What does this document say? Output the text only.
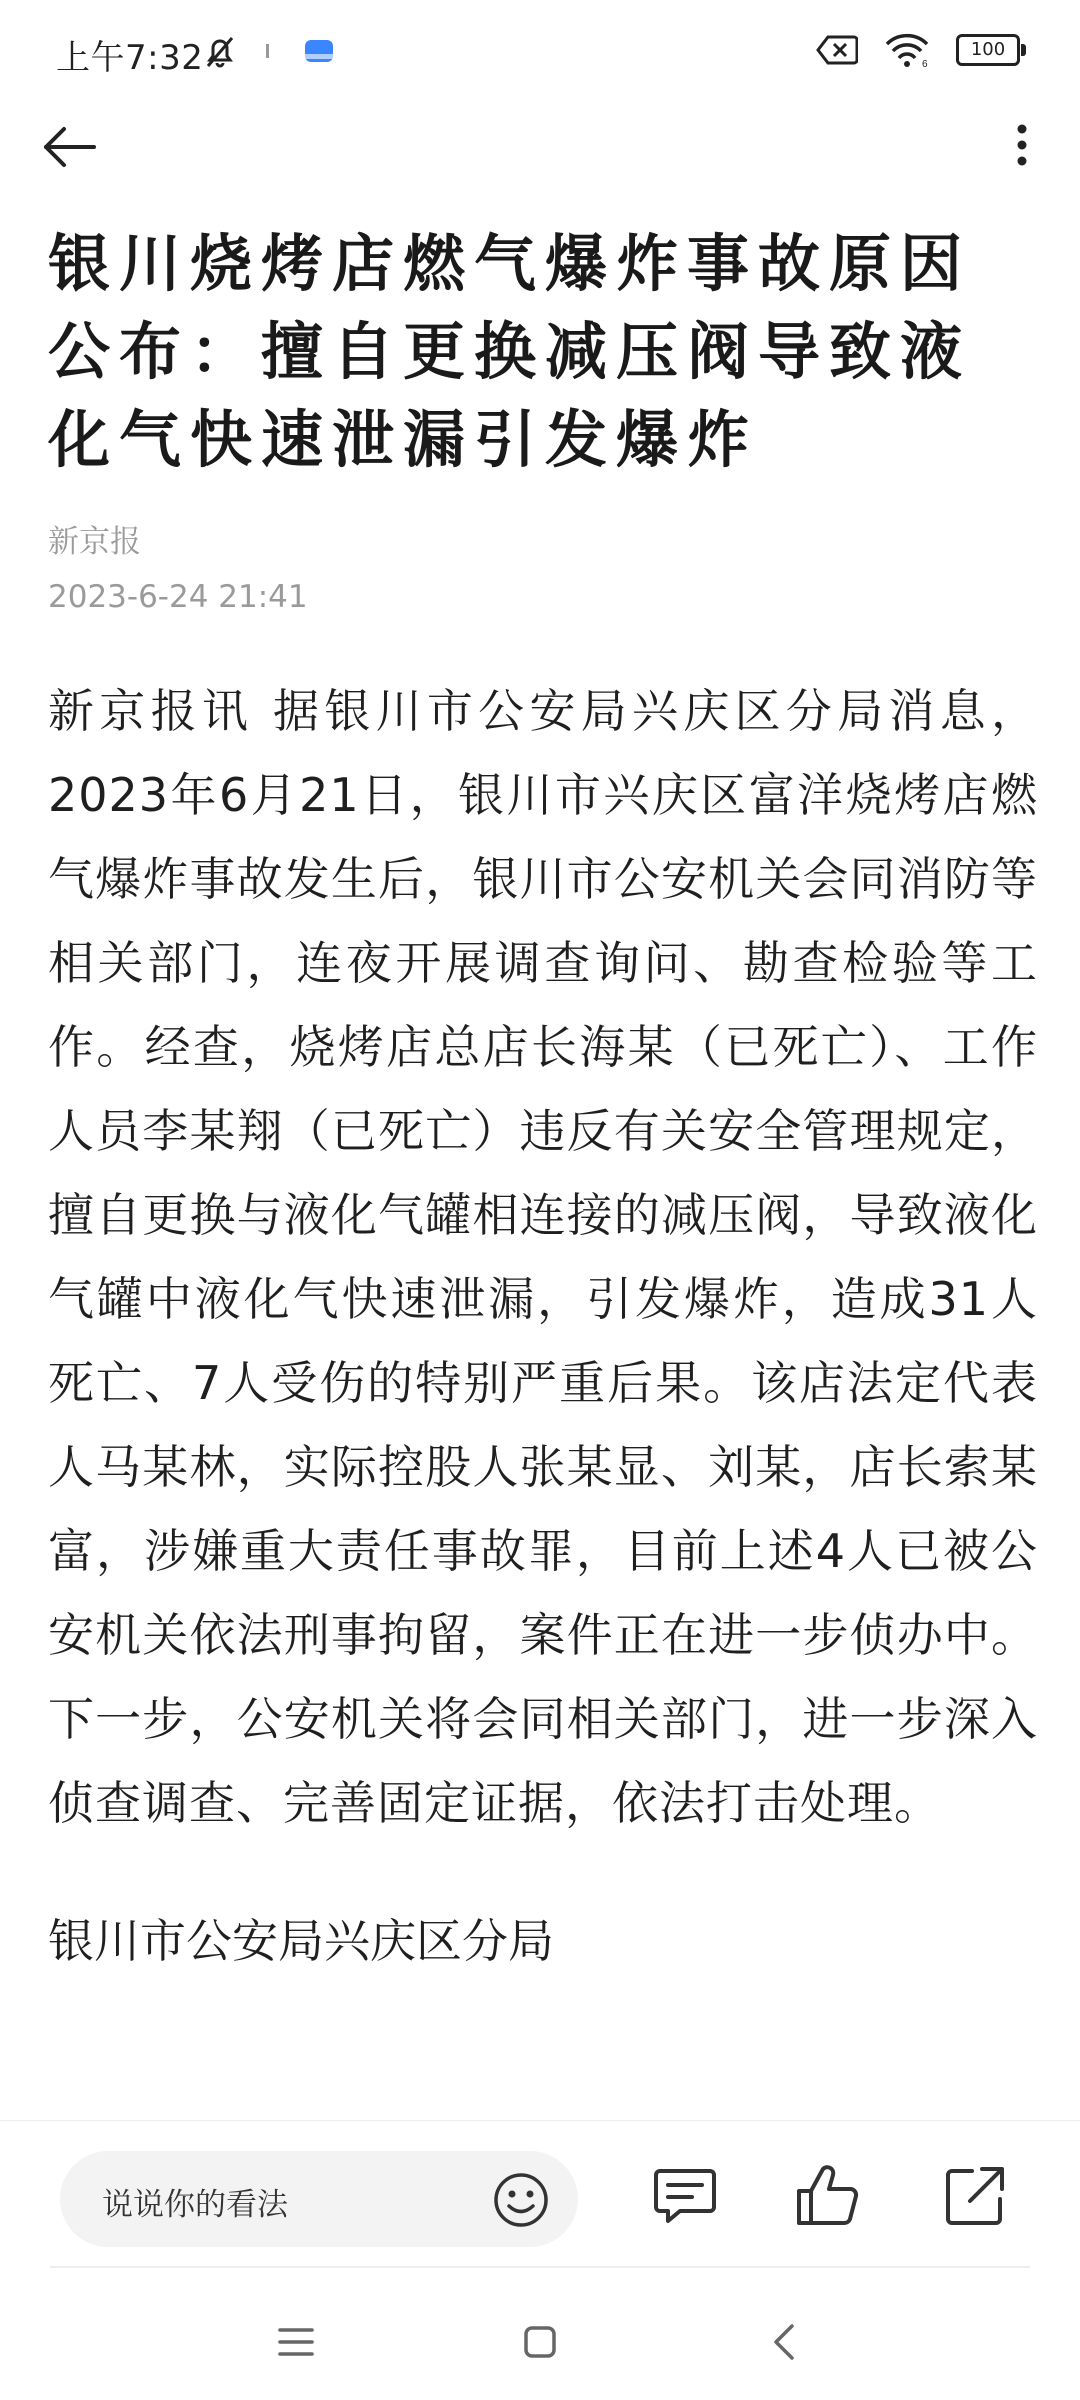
上午7:32	6
100
银川烧烤店燃气爆炸事故原因公布：擅自更换减压阀导致液化气快速泄漏引发爆炸
新京报
2023-6-24 21:41
新京报讯 据银川市公安局兴庆区分局消息，2023年6月21日，银川市兴庆区富洋烧烤店燃气爆炸事故发生后，银川市公安机关会同消防等相关部门，连夜开展调查询问、勘查检验等工作。经查，烧烤店总店长海某（已死亡）、工作人员李某翔（已死亡）违反有关安全管理规定，擅自更换与液化气罐相连接的减压阀，导致液化气罐中液化气快速泄漏，引发爆炸，造成31人死亡、7人受伤的特别严重后果。该店法定代表人马某林，实际控股人张某显、刘某，店长索某富，涉嫌重大责任事故罪，目前上述4人已被公安机关依法刑事拘留，案件正在进一步侦办中。下一步，公安机关将会同相关部门，进一步深入侦查调查、完善固定证据，依法打击处理。
银川市公安局兴庆区分局
说说你的看法
